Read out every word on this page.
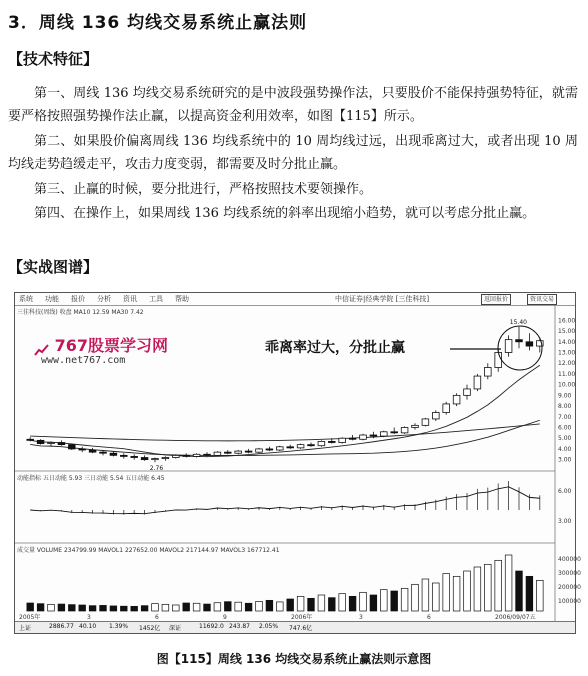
3．周线 136 均线交易系统止赢法则
【技术特征】
第一、周线 136 均线交易系统研究的是中波段强势操作法，只要股价不能保持强势特征，就需要严格按照强势操作法止赢，以提高资金利用效率，如图【115】所示。
第二、如果股价偏离周线 136 均线系统中的 10 周均线过远，出现乖离过大，或者出现 10 周均线走势趋缓走平，攻击力度变弱，都需要及时分批止赢。
第三、止赢的时候，要分批进行，严格按照技术要领操作。
第四、在操作上，如果周线 136 均线系统的斜率出现缩小趋势，就可以考虑分批止赢。
【实战图谱】
系统 功能 报价 分析 资讯 工具 帮助	中信证券|经典学院 [三佳科技]	返回报价	资讯交易
三佳科技(周线) 收盘 MA10 12.59 MA30 7.42
767股票学习网
www.net767.com
乖离率过大，分批止赢
16.00
15.00
14.00
13.00
12.00
11.00
10.00
9.00
8.00
7.00
6.00
5.00
4.00
3.00
2.76
15.40
6.00
3.00
400000
300000
200000
100000
2005年	3	6	9	2006年	3	6	2006/09/07五
动能指标 五日动能 5.93 三日动能 5.54 五日动能 6.45
成交量 VOLUME 234799.99 MAVOL1 227652.00 MAVOL2 217144.97 MAVOL3 167712.41
上证	2886.77 40.10 1.39% 1452亿 深证	11692.0 243.87 2.05% 747.6亿
图【115】周线 136 均线交易系统止赢法则示意图
